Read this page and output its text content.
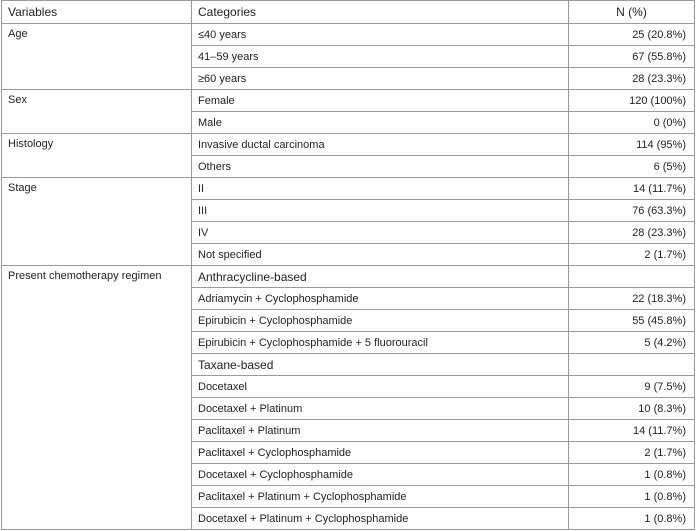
Variables	Categories	N (%)
Age	≤40 years	25 (20.8%)
	41–59 years	67 (55.8%)
	≥60 years	28 (23.3%)
Sex	Female	120 (100%)
	Male	0 (0%)
Histology	Invasive ductal carcinoma	114 (95%)
	Others	6 (5%)
Stage	II	14 (11.7%)
	III	76 (63.3%)
	IV	28 (23.3%)
	Not specified	2 (1.7%)
Present chemotherapy regimen	Anthracycline-based	
	Adriamycin + Cyclophosphamide	22 (18.3%)
	Epirubicin + Cyclophosphamide	55 (45.8%)
	Epirubicin + Cyclophosphamide + 5 fluorouracil	5 (4.2%)
	Taxane-based	
	Docetaxel	9 (7.5%)
	Docetaxel + Platinum	10 (8.3%)
	Paclitaxel + Platinum	14 (11.7%)
	Paclitaxel + Cyclophosphamide	2 (1.7%)
	Docetaxel + Cyclophosphamide	1 (0.8%)
	Paclitaxel + Platinum + Cyclophosphamide	1 (0.8%)
	Docetaxel + Platinum + Cyclophosphamide	1 (0.8%)
